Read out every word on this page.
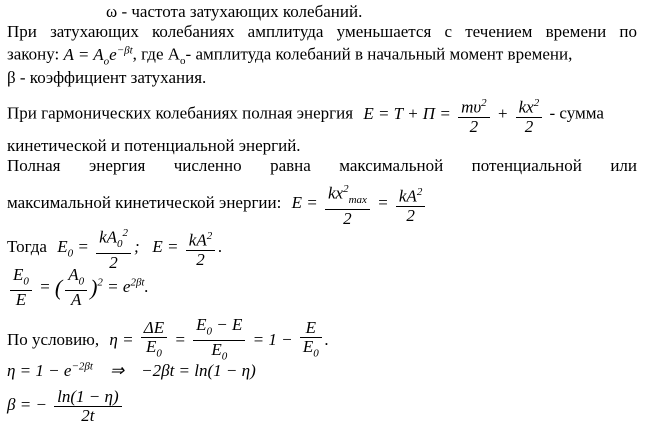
ω - частота затухающих колебаний.
При затухающих колебаниях амплитуда уменьшается с течением времени по
закону: $A = A_oe^{-\beta t}$, где $A_o-$ амплитуда колебаний в начальный момент времени,
β - коэффициент затухания.
При гармонических колебаниях полная энергия $E = T + \Pi = \frac{m\upsilon^2}{2} + \frac{kx^2}{2}$ - сумма
кинетической и потенциальной энергий.
Полная энергия численно равна максимальной потенциальной или
максимальной кинетической энергии: $E = \frac{kx^2_{max}}{2} = \frac{kA^2}{2}$
Тогда $E_0 = \frac{kA_0^2}{2}$ ;   $E = \frac{kA^2}{2}$ .
$\frac{E_0}{E}$ = ( $\frac{A_0}{A} )^2 = e^{2\beta t}$.
По условию, $\eta = \frac{\Delta E}{E_0} = \frac{E_0 - E}{E_0} = 1 - \frac{E}{E_0}$ .
$\eta = 1 - e^{-2\beta t}$    ⇒    −2βt = ln(1 − η)
β = − $\frac{\ln(1 - \eta)}{2t}$
